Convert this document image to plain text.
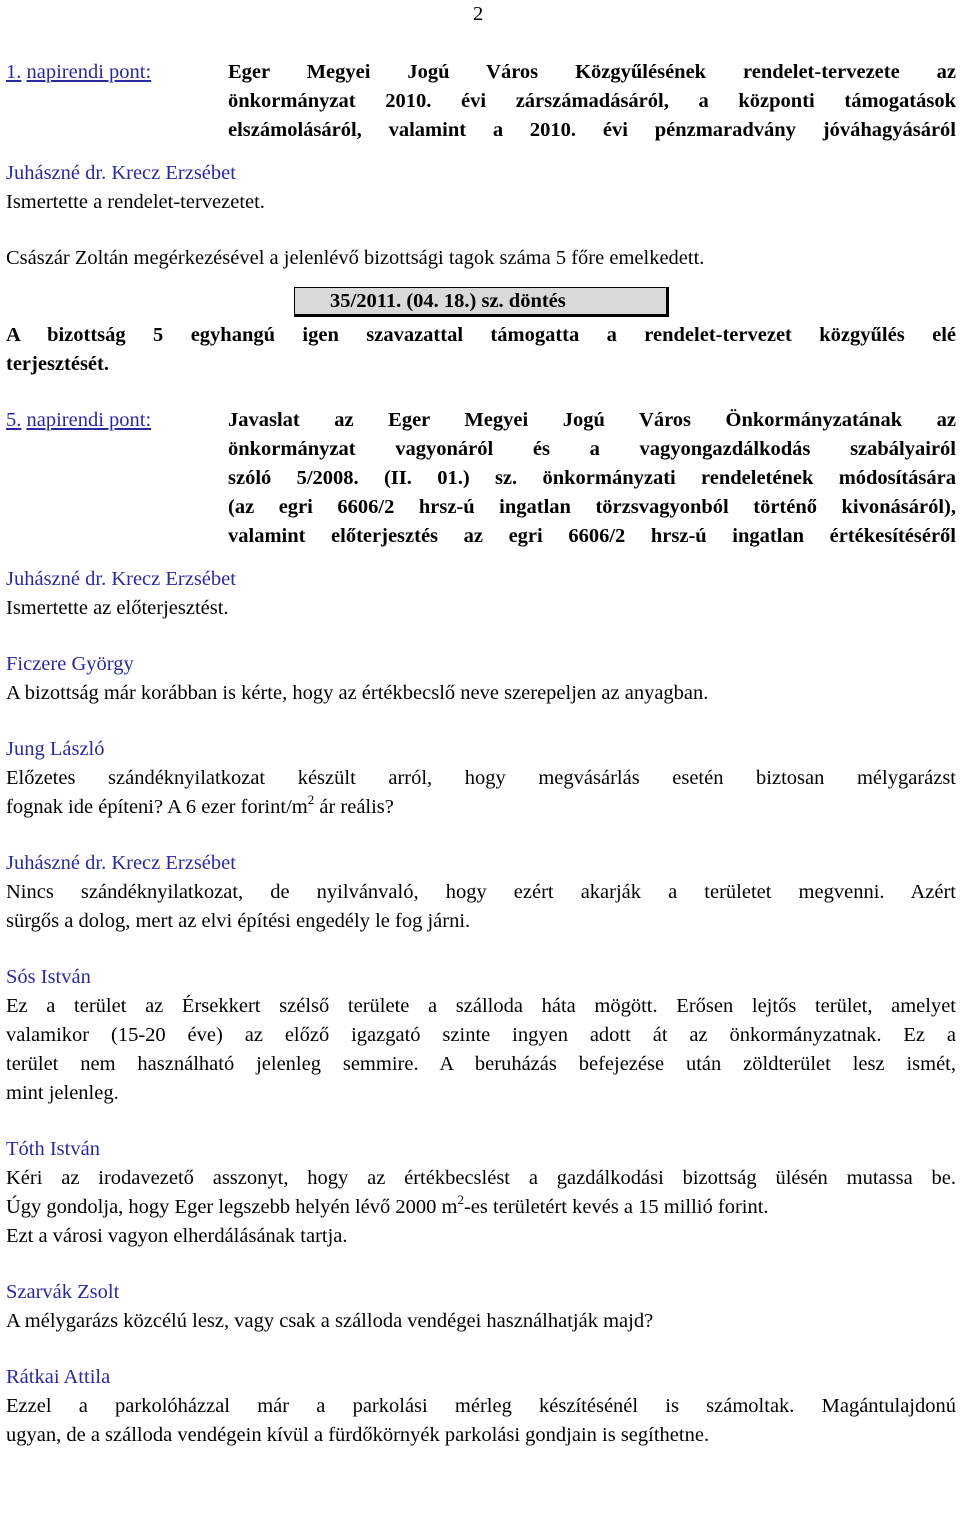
2
1. napirendi pont:	Eger Megyei Jogú Város Közgyűlésének rendelet-tervezete az
önkormányzat 2010. évi zárszámadásáról, a központi támogatások
elszámolásáról, valamint a 2010. évi pénzmaradvány jóváhagyásáról
Juhászné dr. Krecz Erzsébet
Ismertette a rendelet-tervezetet.
Császár Zoltán megérkezésével a jelenlévő bizottsági tagok száma 5 főre emelkedett.
35/2011. (04. 18.) sz. döntés
A bizottság 5 egyhangú igen szavazattal támogatta a rendelet-tervezet közgyűlés elé
terjesztését.
5. napirendi pont:	Javaslat az Eger Megyei Jogú Város Önkormányzatának az
önkormányzat vagyonáról és a vagyongazdálkodás szabályairól
szóló 5/2008. (II. 01.) sz. önkormányzati rendeletének módosítására
(az egri 6606/2 hrsz-ú ingatlan törzsvagyonból történő kivonásáról),
valamint előterjesztés az egri 6606/2 hrsz-ú ingatlan értékesítéséről
Juhászné dr. Krecz Erzsébet
Ismertette az előterjesztést.
Ficzere György
A bizottság már korábban is kérte, hogy az értékbecslő neve szerepeljen az anyagban.
Jung László
Előzetes szándéknyilatkozat készült arról, hogy megvásárlás esetén biztosan mélygarázst
fognak ide építeni? A 6 ezer forint/$m^2$ ár reális?
Juhászné dr. Krecz Erzsébet
Nincs szándéknyilatkozat, de nyilvánvaló, hogy ezért akarják a területet megvenni. Azért
sürgős a dolog, mert az elvi építési engedély le fog járni.
Sós István
Ez a terület az Érsekkert szélső területe a szálloda háta mögött. Erősen lejtős terület, amelyet
valamikor (15-20 éve) az előző igazgató szinte ingyen adott át az önkormányzatnak. Ez a
terület nem használható jelenleg semmire. A beruházás befejezése után zöldterület lesz ismét,
mint jelenleg.
Tóth István
Kéri az irodavezető asszonyt, hogy az értékbecslést a gazdálkodási bizottság ülésén mutassa be.
Úgy gondolja, hogy Eger legszebb helyén lévő 2000 $m^2-es$ területért kevés a 15 millió forint.
Ezt a városi vagyon elherdálásának tartja.
Szarvák Zsolt
A mélygarázs közcélú lesz, vagy csak a szálloda vendégei használhatják majd?
Rátkai Attila
Ezzel a parkolóházzal már a parkolási mérleg készítésénél is számoltak. Magántulajdonú
ugyan, de a szálloda vendégein kívül a fürdőkörnyék parkolási gondjain is segíthetne.
